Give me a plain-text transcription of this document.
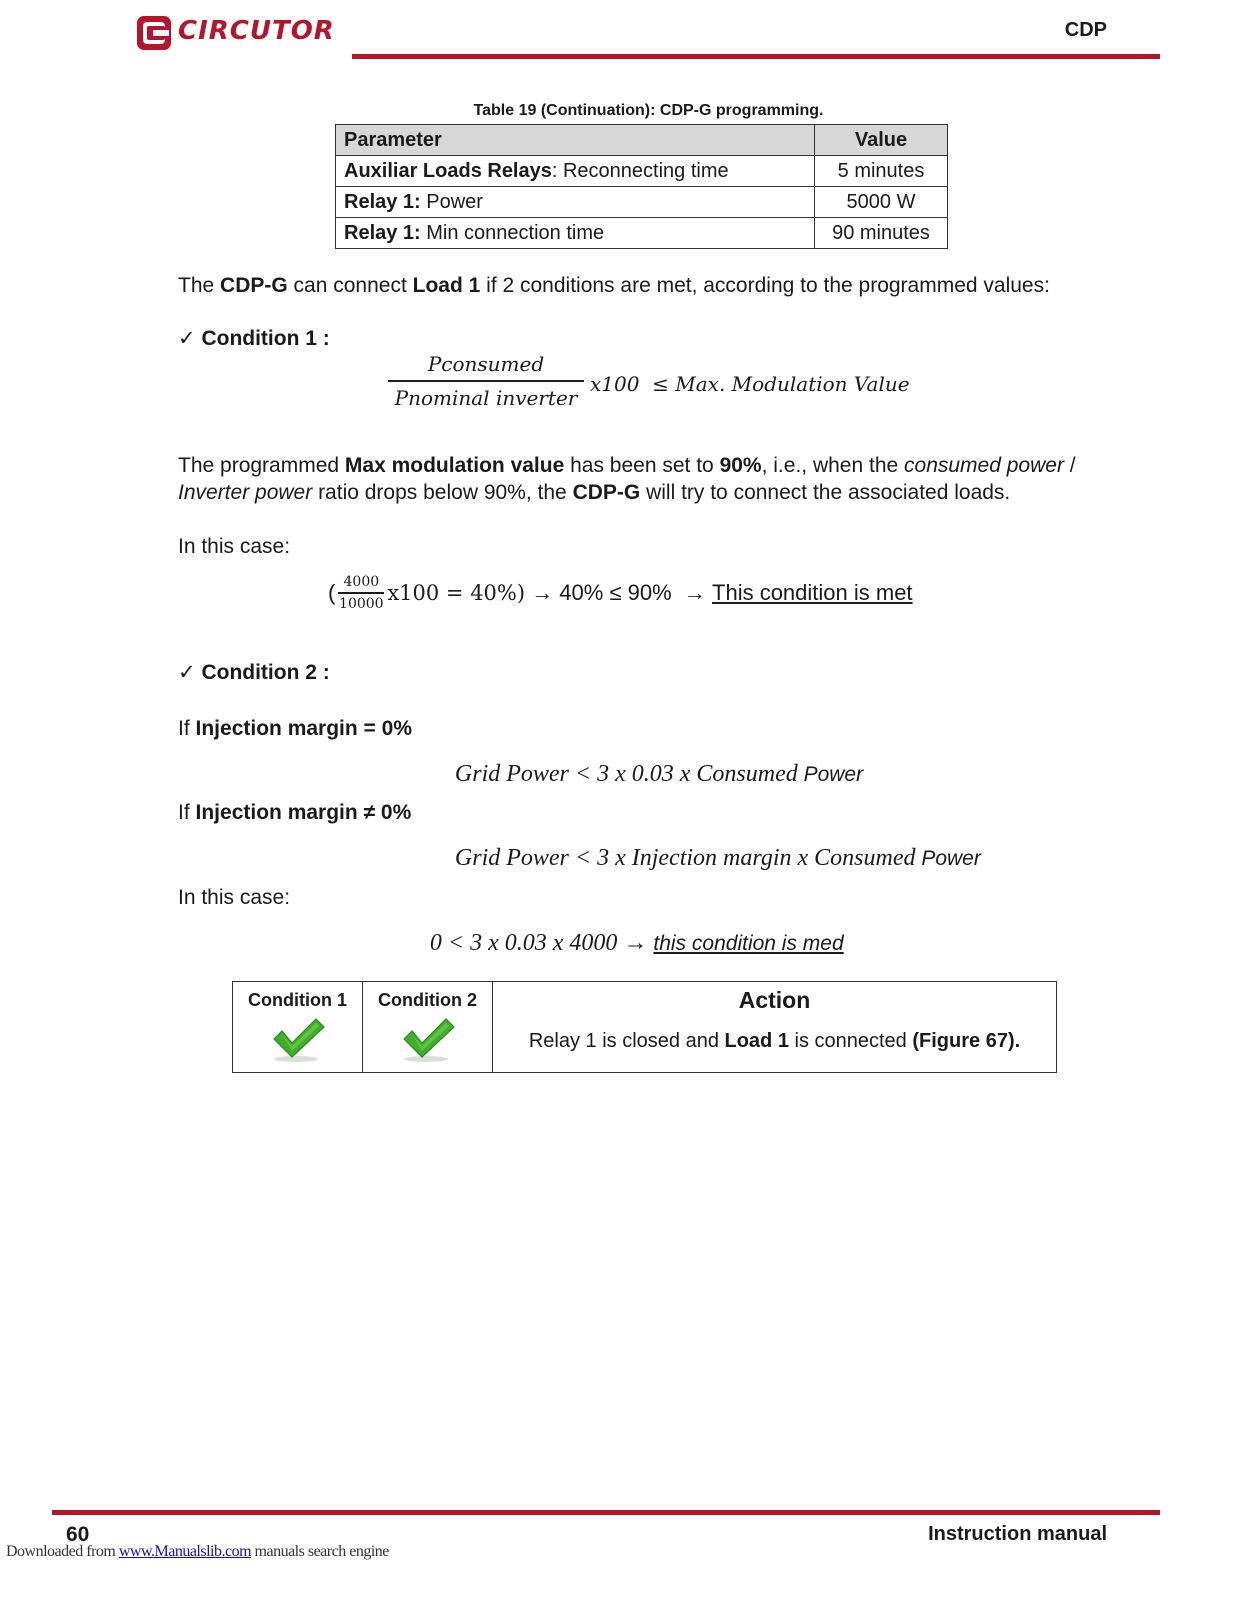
CIRCUTOR	CDP
Table 19 (Continuation): CDP-G programming.
Parameter	Value
Auxiliar Loads Relays: Reconnecting time	5 minutes
Relay 1: Power	5000 W
Relay 1: Min connection time	90 minutes
The CDP-G can connect Load 1 if 2 conditions are met, according to the programmed values:
✓ Condition 1 :
Pconsumed
Pnominal inverter
x100  ≤ Max. Modulation Value
The programmed Max modulation value has been set to 90%, i.e., when the consumed power / Inverter power ratio drops below 90%, the CDP-G will try to connect the associated loads.
In this case:
( 4000
10000 x100 = 40%) → 40% ≤ 90%  → This condition is met
✓ Condition 2 :
If Injection margin = 0%

Grid Power < 3 x 0.03 x Consumed Power

If Injection margin ≠ 0%

Grid Power < 3 x Injection margin x Consumed Power

In this case:

0 < 3 x 0.03 x 4000 → this condition is med

Condition 1	Condition 2	Action
Relay 1 is closed and Load 1 is connected (Figure 67).
60	Instruction manual
Downloaded from www.Manualslib.com manuals search engine
